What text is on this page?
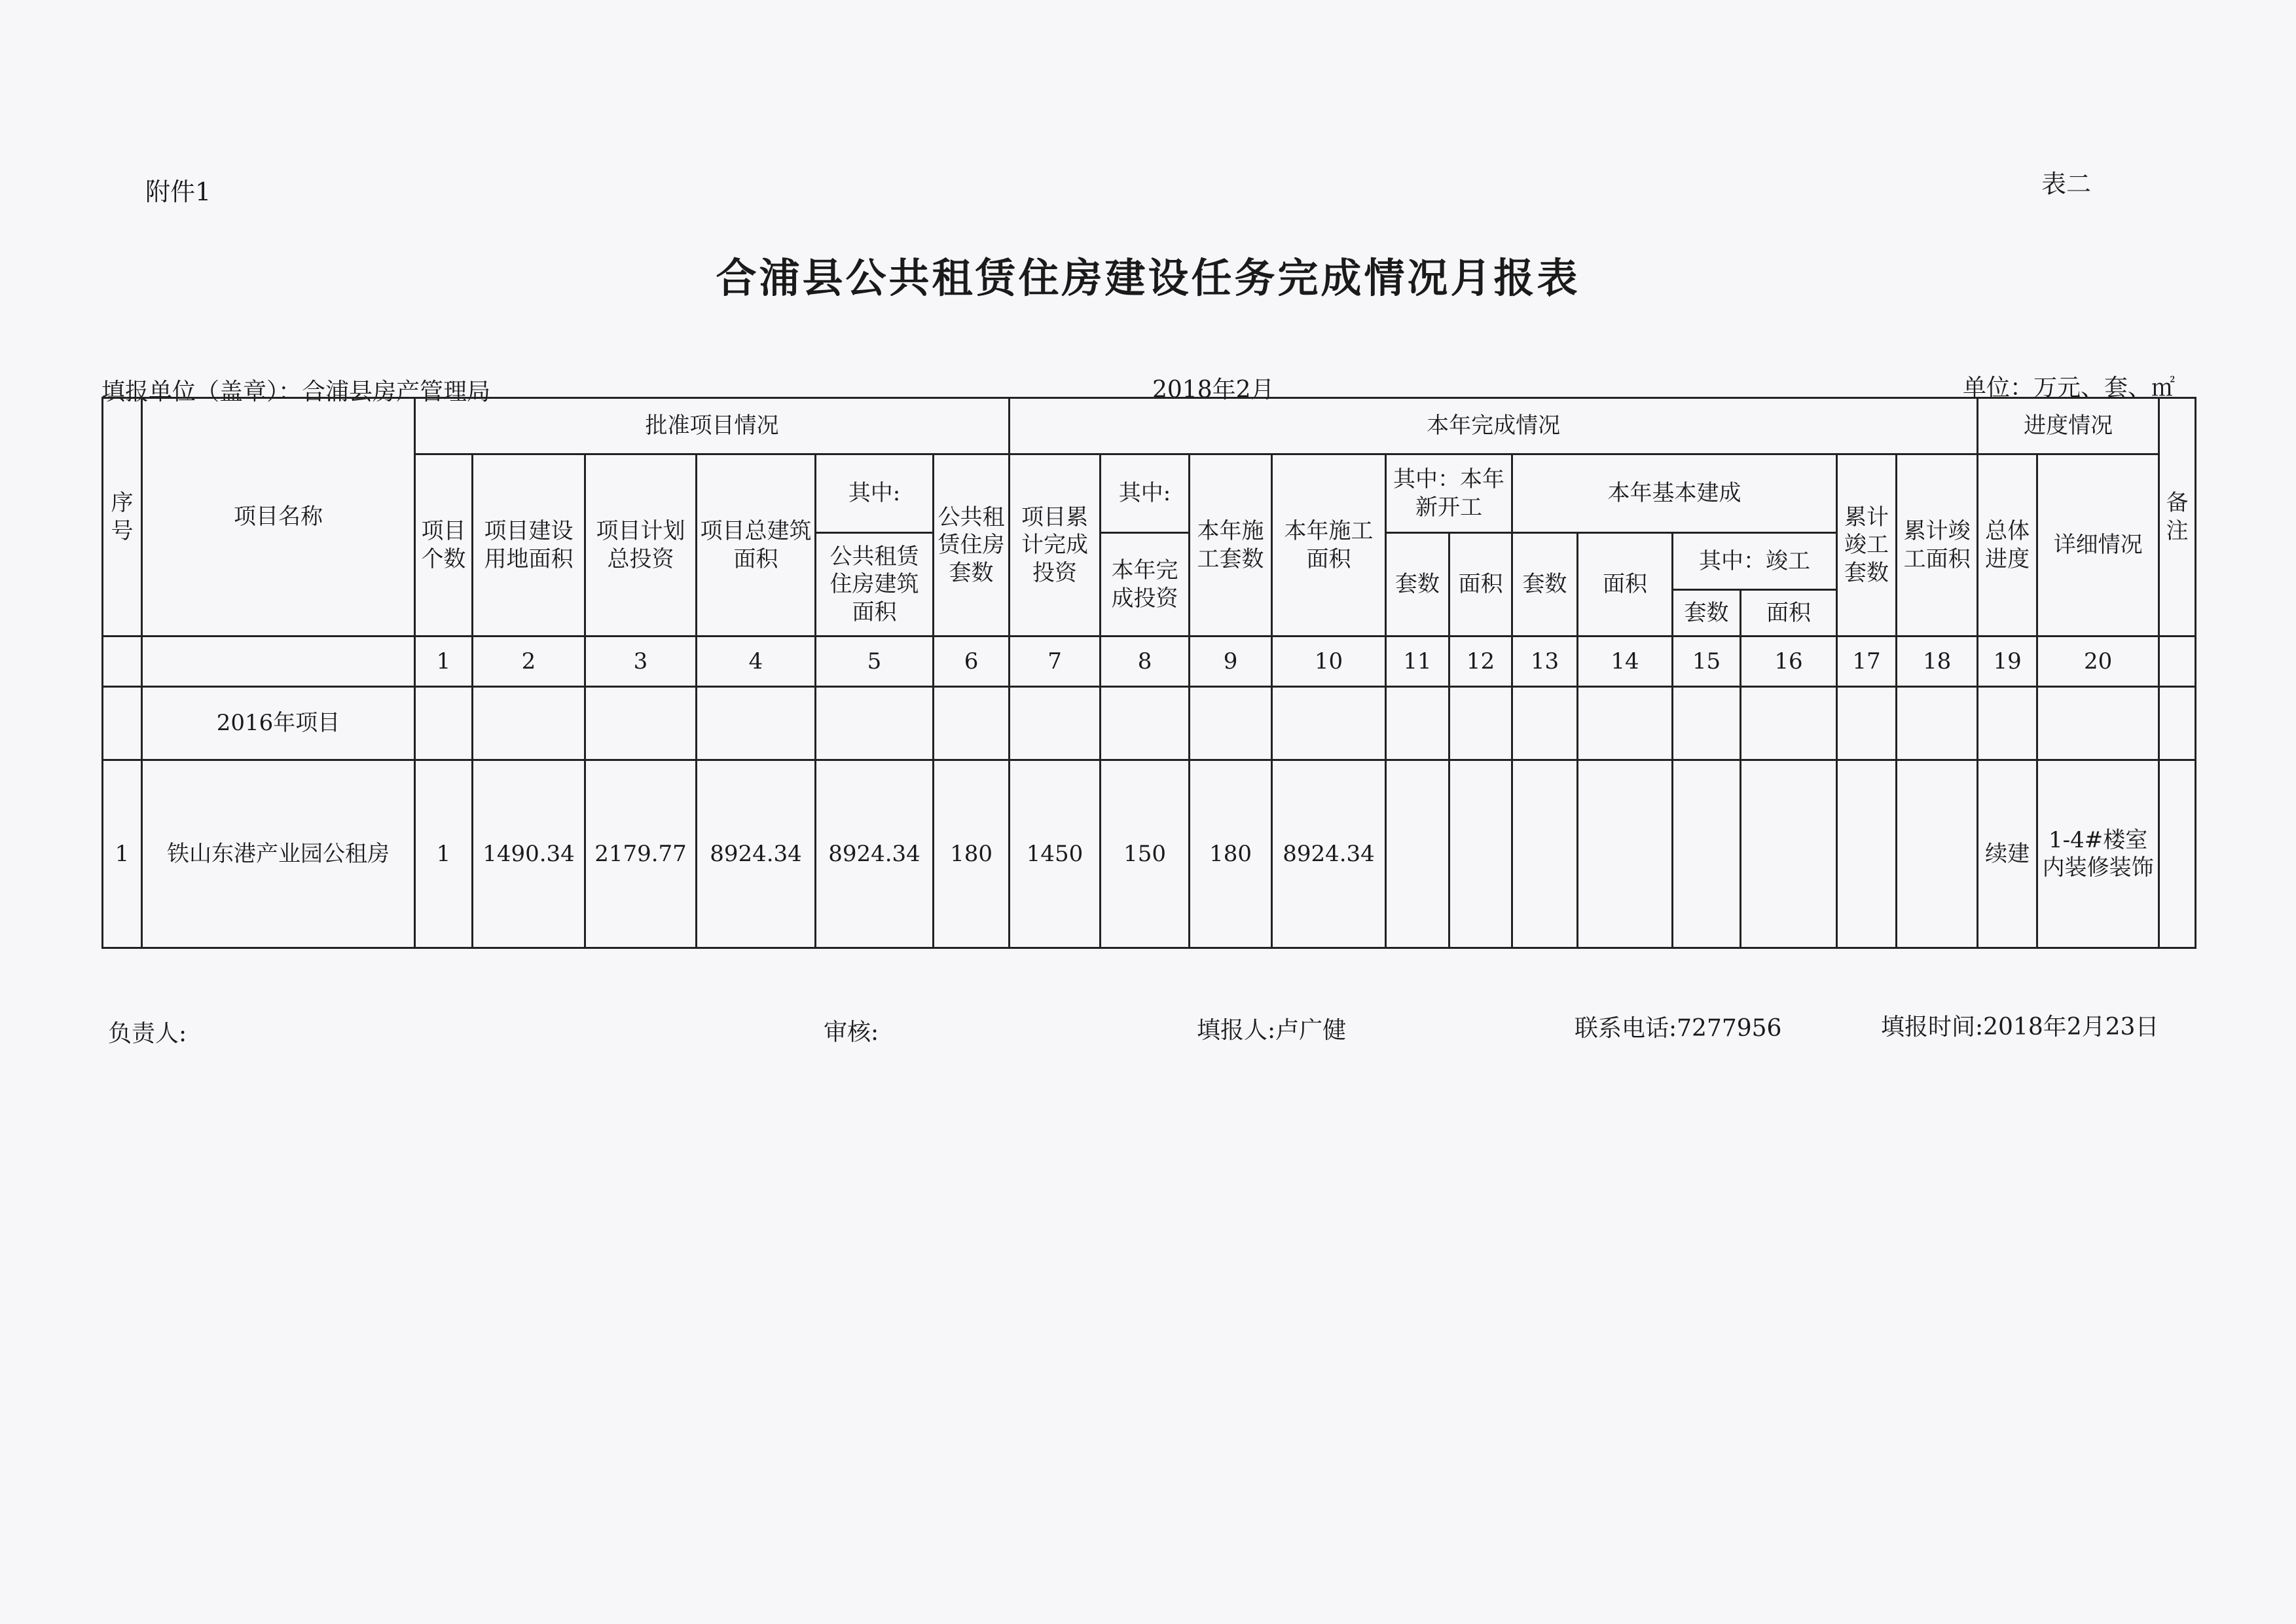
附件1	表二
合浦县公共租赁住房建设任务完成情况月报表
填报单位（盖章）：合浦县房产管理局	2018年2月	单位：万元、套、㎡
序号	项目名称	批准项目情况						本年完成情况												进度情况		备注
		项目个数	项目建设用地面积	项目计划总投资	项目总建筑面积	其中:	公共租赁住房套数	项目累计完成投资	其中:	本年施工套数	本年施工面积	其中：本年新开工		本年基本建成				累计竣工套数	累计竣工面积	总体进度	详细情况	
						公共租赁住房建筑面积			本年完成投资			套数	面积	套数	面积	其中：竣工						
																套数	面积					
		1	2	3	4	5	6	7	8	9	10	11	12	13	14	15	16	17	18	19	20	
	2016年项目																					
1	铁山东港产业园公租房	1	1490.34	2179.77	8924.34	8924.34	180	1450	150	180	8924.34									续建	1-4#楼室内装修装饰	
负责人:	审核:	填报人:卢广健	联系电话:7277956	填报时间:2018年2月23日
